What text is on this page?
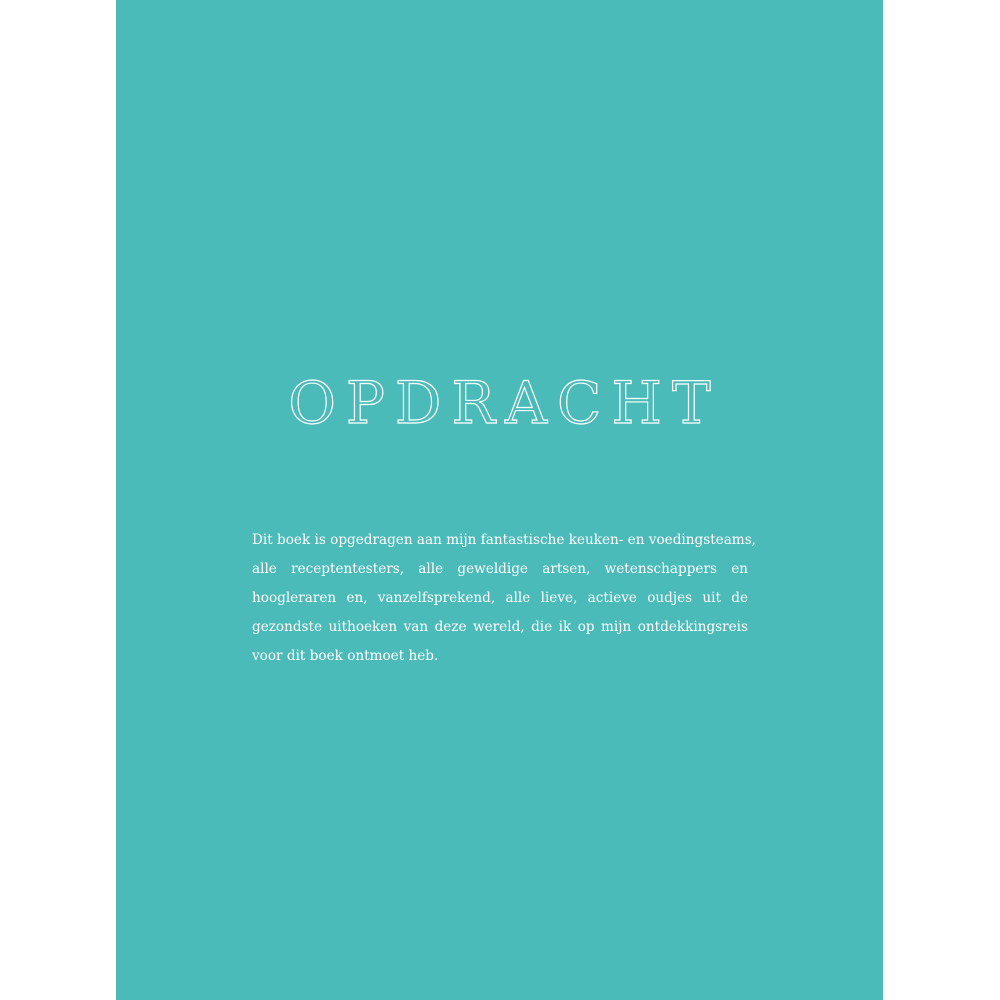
OPDRACHT

Dit boek is opgedragen aan mijn fantastische keuken- en voedingsteams,
alle receptentesters, alle geweldige artsen, wetenschappers en
hoogleraren en, vanzelfsprekend, alle lieve, actieve oudjes uit de
gezondste uithoeken van deze wereld, die ik op mijn ontdekkingsreis
voor dit boek ontmoet heb.
